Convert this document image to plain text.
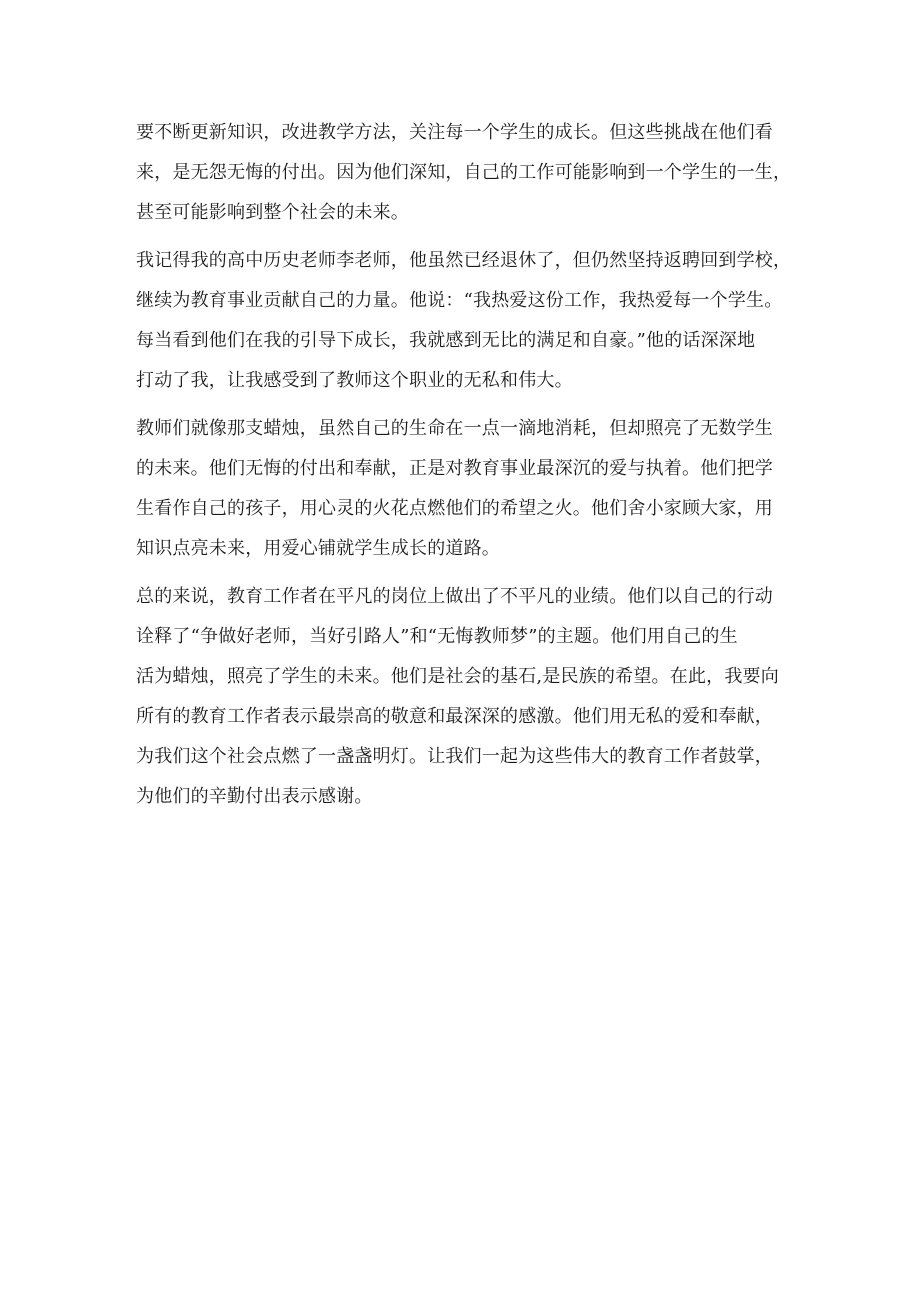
要不断更新知识，改进教学方法，关注每一个学生的成长。但这些挑战在他们看
来，是无怨无悔的付出。因为他们深知，自己的工作可能影响到一个学生的一生，
甚至可能影响到整个社会的未来。
我记得我的高中历史老师李老师，他虽然已经退休了，但仍然坚持返聘回到学校，
继续为教育事业贡献自己的力量。他说：“我热爱这份工作，我热爱每一个学生。
每当看到他们在我的引导下成长，我就感到无比的满足和自豪。”他的话深深地
打动了我，让我感受到了教师这个职业的无私和伟大。
教师们就像那支蜡烛，虽然自己的生命在一点一滴地消耗，但却照亮了无数学生
的未来。他们无悔的付出和奉献，正是对教育事业最深沉的爱与执着。他们把学
生看作自己的孩子，用心灵的火花点燃他们的希望之火。他们舍小家顾大家，用
知识点亮未来，用爱心铺就学生成长的道路。
总的来说，教育工作者在平凡的岗位上做出了不平凡的业绩。他们以自己的行动
诠释了“争做好老师，当好引路人”和“无悔教师梦”的主题。他们用自己的生
活为蜡烛，照亮了学生的未来。他们是社会的基石,是民族的希望。在此，我要向
所有的教育工作者表示最崇高的敬意和最深深的感激。他们用无私的爱和奉献，
为我们这个社会点燃了一盏盏明灯。让我们一起为这些伟大的教育工作者鼓掌，
为他们的辛勤付出表示感谢。
